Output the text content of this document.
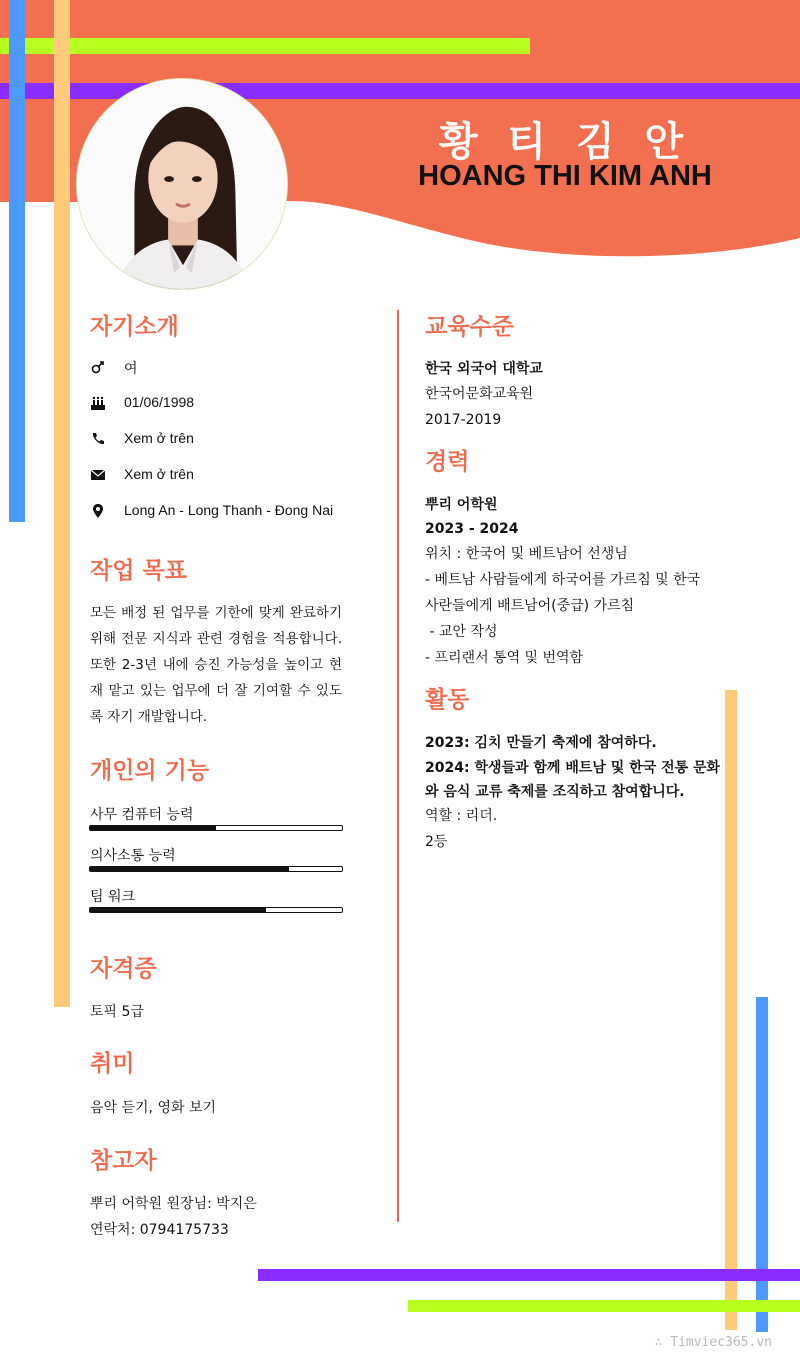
황 티 김 안
HOANG THI KIM ANH
자기소개
여
01/06/1998
Xem ở trên
Xem ở trên
Long An - Long Thanh - Đong Nai
작업 목표
모든 배정 된 업무를 기한에 맞게 완료하기 위해 전문 지식과 관련 경험을 적용합니다.또한 2-3년 내에 승진 가능성을 높이고 현재 맡고 있는 업무에 더 잘 기여할 수 있도록 자기 개발합니다.
개인의 기능
사무 컴퓨터 능력
의사소통 능력
팀 워크
자격증
토픽 5급
취미
음악 듣기, 영화 보기
참고자
뿌리 어학원 원장님: 박지은
연락처: 0794175733
교육수준
한국 외국어 대학교
한국어문화교육원
2017-2019
경력
뿌리 어학원
2023 - 2024
위치 : 한국어 및 베트남어 선생님
- 베트남 사람들에게 하국어를 가르침 및 한국
사란들에게 배트남어(중급) 가르침
- 교안 작성
- 프리랜서 통역 및 번역함
활동
2023: 김치 만들기 축제에 참여하다.
2024: 학생들과 함께 배트남 및 한국 전통 문화
와 음식 교류 축제를 조직하고 참여합니다.
역할 : 리더.
2등
∴ Timviec365.vn
